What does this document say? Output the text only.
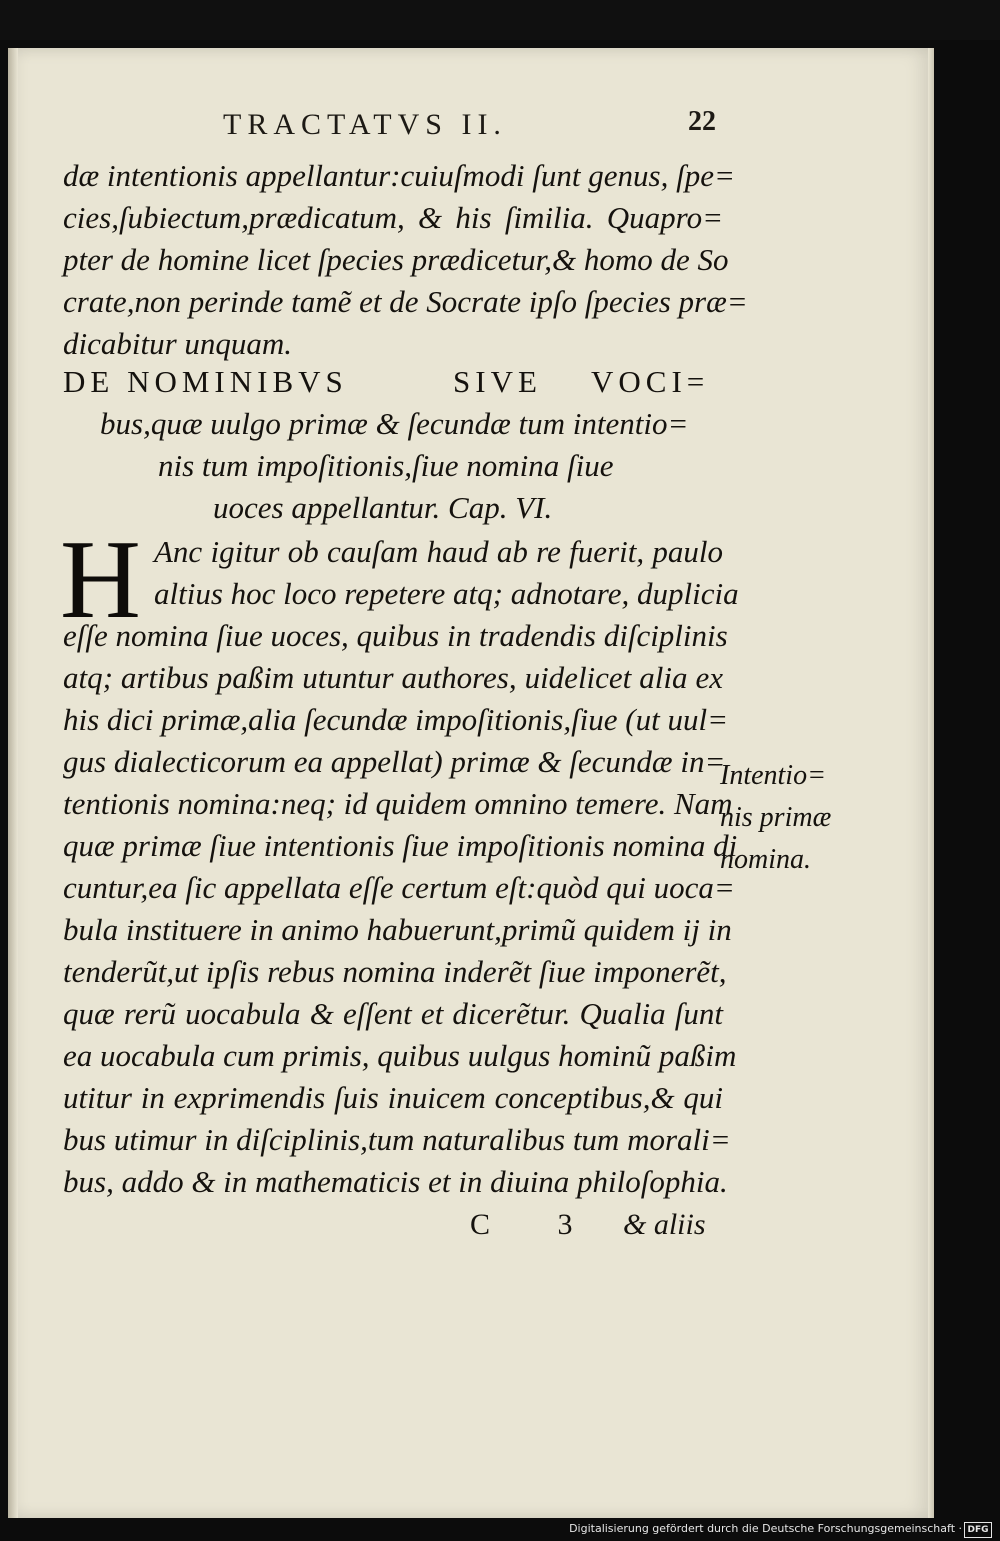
TRACTATVS II.	22
dæ intentionis appellantur:cuiuſmodi ſunt genus, ſpe=
cies,ſubiectum,prædicatum, & his ſimilia. Quapro=
pter de homine licet ſpecies prædicetur,& homo de So
crate,non perinde tamẽ et de Socrate ipſo ſpecies præ=
dicabitur unquam.
DE NOMINIBVS	SIVE VOCI=
bus,quæ uulgo primæ & ſecundæ tum intentio=
nis tum impoſitionis,ſiue nomina ſiue
uoces appellantur. Cap. VI.
H Anc igitur ob cauſam haud ab re fuerit, paulo
altius hoc loco repetere atq; adnotare, duplicia
eſſe nomina ſiue uoces, quibus in tradendis diſciplinis
atq; artibus paßim utuntur authores, uidelicet alia ex
his dici primæ,alia ſecundæ impoſitionis,ſiue (ut uul=
gus dialecticorum ea appellat) primæ & ſecundæ in=
tentionis nomina:neq; id quidem omnino temere. Nam
quæ primæ ſiue intentionis ſiue impoſitionis nomina di
cuntur,ea ſic appellata eſſe certum eſt:quòd qui uoca=
bula instituere in animo habuerunt,primũ quidem ij in
tenderũt,ut ipſis rebus nomina inderẽt ſiue imponerẽt,
quæ rerũ uocabula & eſſent et dicerẽtur. Qualia ſunt
ea uocabula cum primis, quibus uulgus hominũ paßim
utitur in exprimendis ſuis inuicem conceptibus,& qui
bus utimur in diſciplinis,tum naturalibus tum morali=
bus, addo & in mathematicis et in diuina philoſophia.
Intentio=
nis primæ
nomina.
C 3 & aliis
Digitalisierung gefördert durch die Deutsche Forschungsgemeinschaft · DFG
